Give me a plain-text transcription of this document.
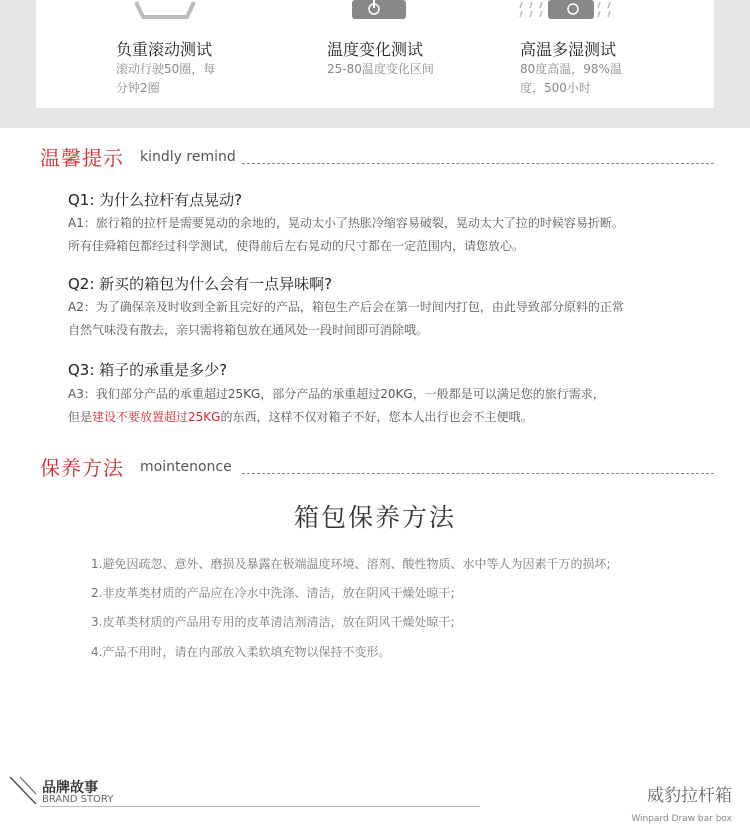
负重滚动测试

滚动行驶50圈，每
分钟2圈

温度变化测试

25-80温度变化区间

高温多湿测试

80度高温，98%温
度，500小时

温馨提示 kindly remind
Q1: 为什么拉杆有点晃动?
A1：旅行箱的拉杆是需要晃动的余地的，晃动太小了热胀冷缩容易破裂，晃动太大了拉的时候容易折断。
所有佳舜箱包都经过科学测试，使得前后左右晃动的尺寸都在一定范围内，请您放心。
Q2: 新买的箱包为什么会有一点异味啊?
A2：为了确保亲及时收到全新且完好的产品，箱包生产后会在第一时间内打包，由此导致部分原料的正常
自然气味没有散去，亲只需将箱包放在通风处一段时间即可消除哦。
Q3: 箱子的承重是多少?
A3：我们部分产品的承重超过25KG，部分产品的承重超过20KG，一般都是可以满足您的旅行需求，
但是建设不要放置超过25KG的东西，这样不仅对箱子不好，您本人出行也会不主便哦。
保养方法 mointenonce
箱包保养方法
1.避免因疏忽、意外、磨损及暴露在极端温度环境、溶剂、酸性物质、水中等人为因素千万的损坏;
2.非皮革类材质的产品应在冷水中洗涤、清洁，放在阴风干燥处晾干;
3.皮革类材质的产品用专用的皮革清洁剂清洁，放在阴风干燥处晾干;
4.产品不用时，请在内部放入柔软填充物以保持不变形。
品牌故事
BRAND STORY	威豹拉杆箱
Winpard Draw bar box
